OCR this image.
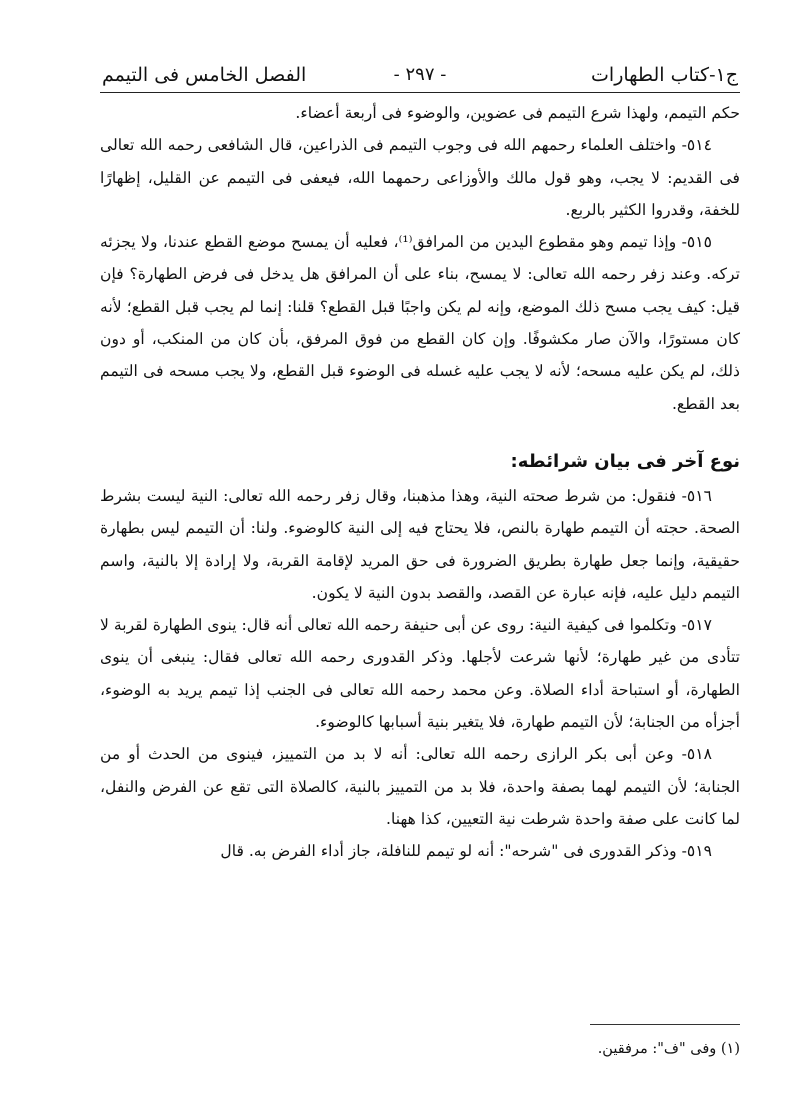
ج١-كتاب الطهارات
- ٢٩٧ -
الفصل الخامس فى التيمم

حكم التيمم، ولهذا شرع التيمم فى عضوين، والوضوء فى أربعة أعضاء.

٥١٤- واختلف العلماء رحمهم الله فى وجوب التيمم فى الذراعين، قال الشافعى رحمه الله تعالى فى القديم: لا يجب، وهو قول مالك والأوزاعى رحمهما الله، فيعفى فى التيمم عن القليل، إظهارًا للخفة، وقدروا الكثير بالربع.

٥١٥- وإذا تيمم وهو مقطوع اليدين من المرافق⁽¹⁾، فعليه أن يمسح موضع القطع عندنا، ولا يجزئه تركه. وعند زفر رحمه الله تعالى: لا يمسح، بناء على أن المرافق هل يدخل فى فرض الطهارة؟ فإن قيل: كيف يجب مسح ذلك الموضع، وإنه لم يكن واجبًا قبل القطع؟ قلنا: إنما لم يجب قبل القطع؛ لأنه كان مستورًا، والآن صار مكشوفًا. وإن كان القطع من فوق المرفق، بأن كان من المنكب، أو دون ذلك، لم يكن عليه مسحه؛ لأنه لا يجب عليه غسله فى الوضوء قبل القطع، ولا يجب مسحه فى التيمم بعد القطع.

نوع آخر فى بيان شرائطه:

٥١٦- فنقول: من شرط صحته النية، وهذا مذهبنا، وقال زفر رحمه الله تعالى: النية ليست بشرط الصحة. حجته أن التيمم طهارة بالنص، فلا يحتاج فيه إلى النية كالوضوء. ولنا: أن التيمم ليس بطهارة حقيقية، وإنما جعل طهارة بطريق الضرورة فى حق المريد لإقامة القربة، ولا إرادة إلا بالنية، واسم التيمم دليل عليه، فإنه عبارة عن القصد، والقصد بدون النية لا يكون.

٥١٧- وتكلموا فى كيفية النية: روى عن أبى حنيفة رحمه الله تعالى أنه قال: ينوى الطهارة لقربة لا تتأدى من غير طهارة؛ لأنها شرعت لأجلها. وذكر القدورى رحمه الله تعالى فقال: ينبغى أن ينوى الطهارة، أو استباحة أداء الصلاة. وعن محمد رحمه الله تعالى فى الجنب إذا تيمم يريد به الوضوء، أجزأه من الجنابة؛ لأن التيمم طهارة، فلا يتغير بنية أسبابها كالوضوء.

٥١٨- وعن أبى بكر الرازى رحمه الله تعالى: أنه لا بد من التمييز، فينوى من الحدث أو من الجنابة؛ لأن التيمم لهما بصفة واحدة، فلا بد من التمييز بالنية، كالصلاة التى تقع عن الفرض والنفل، لما كانت على صفة واحدة شرطت نية التعيين، كذا ههنا.

٥١٩- وذكر القدورى فى "شرحه": أنه لو تيمم للنافلة، جاز أداء الفرض به. قال

(١) وفى "ف": مرفقين.
